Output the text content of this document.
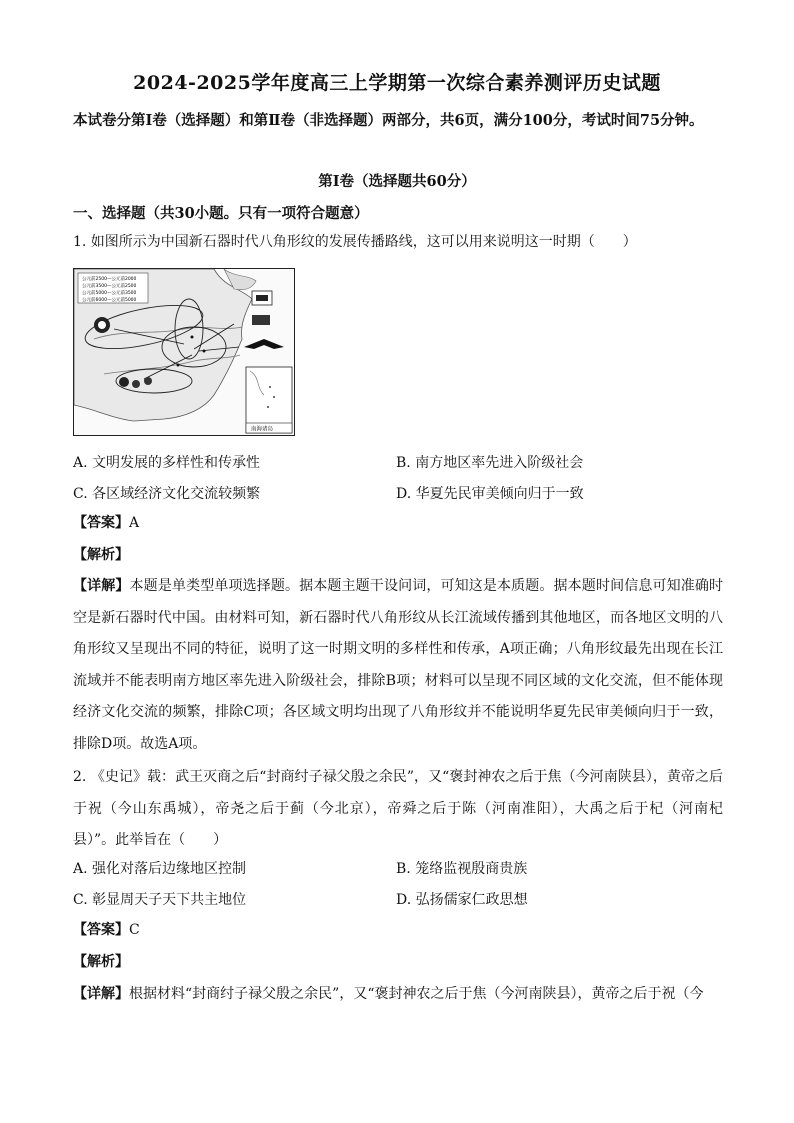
2024-2025学年度高三上学期第一次综合素养测评历史试题
本试卷分第Ⅰ卷（选择题）和第Ⅱ卷（非选择题）两部分，共6页，满分100分，考试时间75分钟。
第Ⅰ卷（选择题共60分）
一、选择题（共30小题。只有一项符合题意）
1. 如图所示为中国新石器时代八角形纹的发展传播路线，这可以用来说明这一时期（　　）
公元前2500—公元前2000
公元前3500—公元前2500
公元前5000—公元前3500
公元前6000—公元前5000
南海诸岛
A. 文明发展的多样性和传承性	B. 南方地区率先进入阶级社会
C. 各区域经济文化交流较频繁	D. 华夏先民审美倾向归于一致
【答案】A
【解析】
【详解】本题是单类型单项选择题。据本题主题干设问词，可知这是本质题。据本题时间信息可知准确时空是新石器时代中国。由材料可知，新石器时代八角形纹从长江流域传播到其他地区，而各地区文明的八角形纹又呈现出不同的特征，说明了这一时期文明的多样性和传承，A项正确；八角形纹最先出现在长江流域并不能表明南方地区率先进入阶级社会，排除B项；材料可以呈现不同区域的文化交流，但不能体现经济文化交流的频繁，排除C项；各区域文明均出现了八角形纹并不能说明华夏先民审美倾向归于一致，排除D项。故选A项。
2. 《史记》载：武王灭商之后“封商纣子禄父殷之余民”，又“褒封神农之后于焦（今河南陕县），黄帝之后于祝（今山东禹城），帝尧之后于蓟（今北京），帝舜之后于陈（河南准阳），大禹之后于杞（河南杞县）”。此举旨在（　　）
A. 强化对落后边缘地区控制	B. 笼络监视殷商贵族
C. 彰显周天子天下共主地位	D. 弘扬儒家仁政思想
【答案】C
【解析】
【详解】根据材料“封商纣子禄父殷之余民”，又“褒封神农之后于焦（今河南陕县），黄帝之后于祝（今
